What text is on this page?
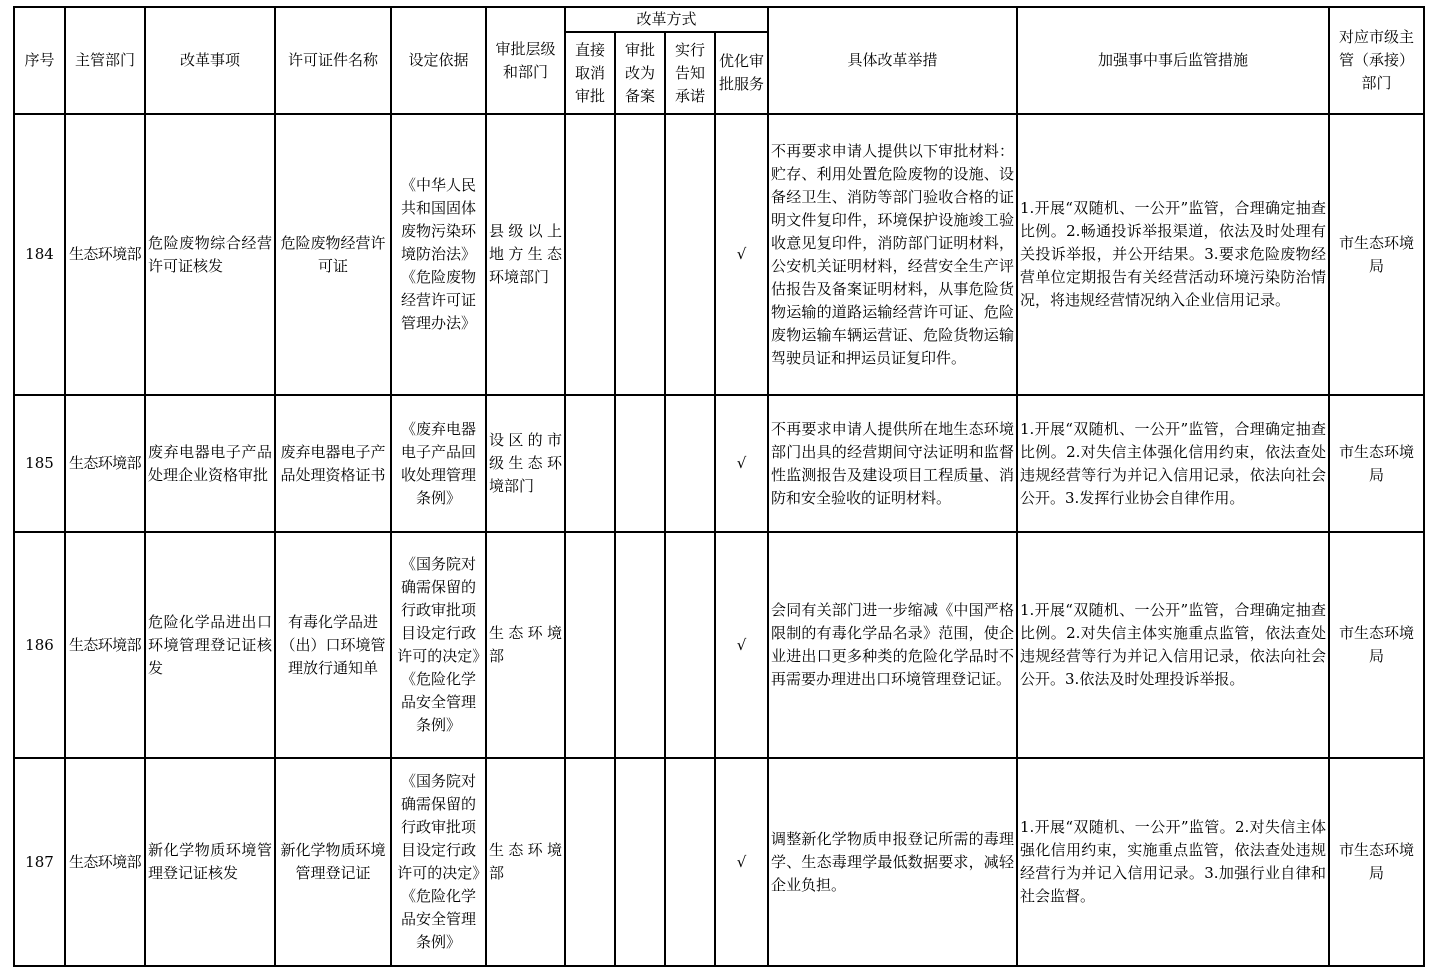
序号	主管部门	改革事项	许可证件名称	设定依据	审批层级和部门	改革方式				具体改革举措	加强事中事后监管措施	对应市级主管（承接）部门
						直接取消审批	审批改为备案	实行告知承诺	优化审批服务			
184	生态环境部	危险废物综合经营许可证核发	危险废物经营许可证	《中华人民共和国固体废物污染环境防治法》《危险废物经营许可证管理办法》	县级以上地方生态环境部门				√	不再要求申请人提供以下审批材料：贮存、利用处置危险废物的设施、设备经卫生、消防等部门验收合格的证明文件复印件，环境保护设施竣工验收意见复印件，消防部门证明材料，公安机关证明材料，经营安全生产评估报告及备案证明材料，从事危险货物运输的道路运输经营许可证、危险废物运输车辆运营证、危险货物运输驾驶员证和押运员证复印件。	1.开展“双随机、一公开”监管，合理确定抽查比例。2.畅通投诉举报渠道，依法及时处理有关投诉举报，并公开结果。3.要求危险废物经营单位定期报告有关经营活动环境污染防治情况，将违规经营情况纳入企业信用记录。	市生态环境局
185	生态环境部	废弃电器电子产品处理企业资格审批	废弃电器电子产品处理资格证书	《废弃电器电子产品回收处理管理条例》	设区的市级生态环境部门				√	不再要求申请人提供所在地生态环境部门出具的经营期间守法证明和监督性监测报告及建设项目工程质量、消防和安全验收的证明材料。	1.开展“双随机、一公开”监管，合理确定抽查比例。2.对失信主体强化信用约束，依法查处违规经营等行为并记入信用记录，依法向社会公开。3.发挥行业协会自律作用。	市生态环境局
186	生态环境部	危险化学品进出口环境管理登记证核发	有毒化学品进（出）口环境管理放行通知单	《国务院对确需保留的行政审批项目设定行政许可的决定》《危险化学品安全管理条例》	生态环境部				√	会同有关部门进一步缩减《中国严格限制的有毒化学品名录》范围，使企业进出口更多种类的危险化学品时不再需要办理进出口环境管理登记证。	1.开展“双随机、一公开”监管，合理确定抽查比例。2.对失信主体实施重点监管，依法查处违规经营等行为并记入信用记录，依法向社会公开。3.依法及时处理投诉举报。	市生态环境局
187	生态环境部	新化学物质环境管理登记证核发	新化学物质环境管理登记证	《国务院对确需保留的行政审批项目设定行政许可的决定》《危险化学品安全管理条例》	生态环境部				√	调整新化学物质申报登记所需的毒理学、生态毒理学最低数据要求，减轻企业负担。	1.开展“双随机、一公开”监管。2.对失信主体强化信用约束，实施重点监管，依法查处违规经营行为并记入信用记录。3.加强行业自律和社会监督。	市生态环境局
